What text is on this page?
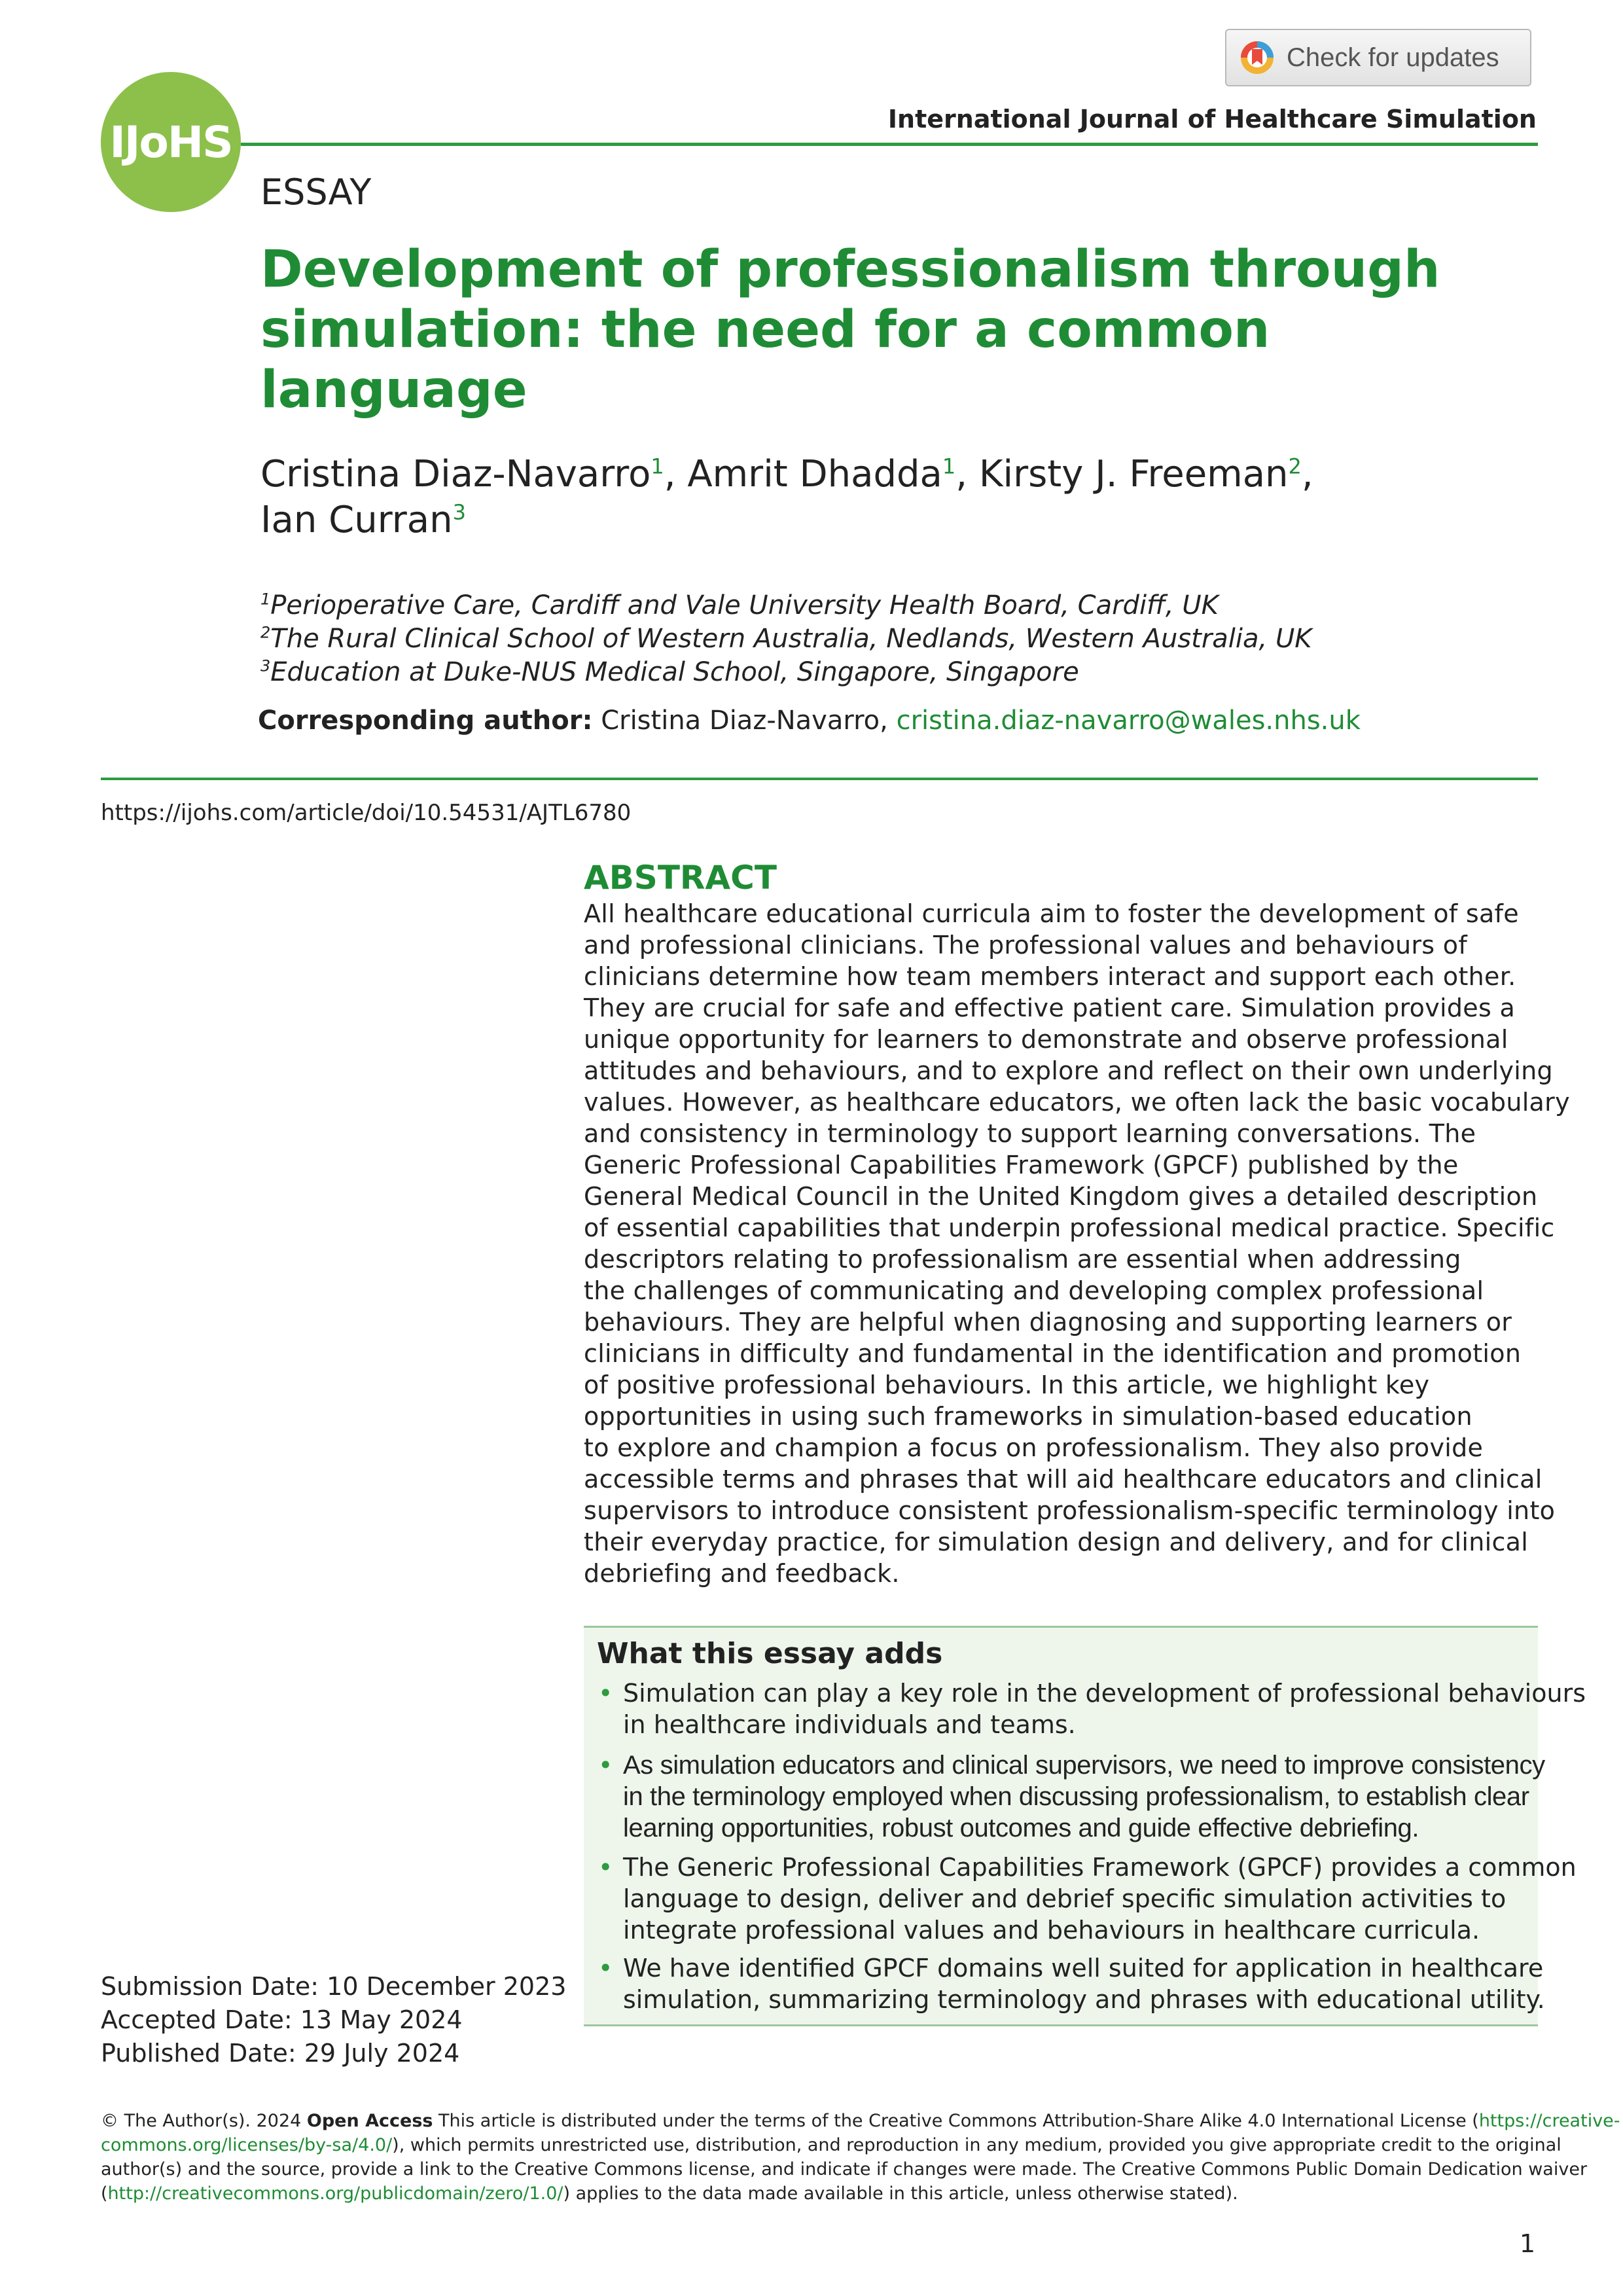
Check for updates
IJoHS	International Journal of Healthcare Simulation
ESSAY
Development of professionalism through
simulation: the need for a common
language
Cristina Diaz-Navarro$^1$, Amrit Dhadda$^1$, Kirsty J. Freeman$^2$,
Ian Curran$^3$
$^1$Perioperative Care, Cardiff and Vale University Health Board, Cardiff, UK
$^2$The Rural Clinical School of Western Australia, Nedlands, Western Australia, UK
$^3$Education at Duke-NUS Medical School, Singapore, Singapore
Corresponding author: Cristina Diaz-Navarro, cristina.diaz-navarro@wales.nhs.uk
https://ijohs.com/article/doi/10.54531/AJTL6780
ABSTRACT
All healthcare educational curricula aim to foster the development of safe
and professional clinicians. The professional values and behaviours of
clinicians determine how team members interact and support each other.
They are crucial for safe and effective patient care. Simulation provides a
unique opportunity for learners to demonstrate and observe professional
attitudes and behaviours, and to explore and reflect on their own underlying
values. However, as healthcare educators, we often lack the basic vocabulary
and consistency in terminology to support learning conversations. The
Generic Professional Capabilities Framework (GPCF) published by the
General Medical Council in the United Kingdom gives a detailed description
of essential capabilities that underpin professional medical practice. Specific
descriptors relating to professionalism are essential when addressing
the challenges of communicating and developing complex professional
behaviours. They are helpful when diagnosing and supporting learners or
clinicians in difficulty and fundamental in the identification and promotion
of positive professional behaviours. In this article, we highlight key
opportunities in using such frameworks in simulation-based education
to explore and champion a focus on professionalism. They also provide
accessible terms and phrases that will aid healthcare educators and clinical
supervisors to introduce consistent professionalism-specific terminology into
their everyday practice, for simulation design and delivery, and for clinical
debriefing and feedback.
What this essay adds
• Simulation can play a key role in the development of professional behaviours
in healthcare individuals and teams.
• As simulation educators and clinical supervisors, we need to improve consistency
in the terminology employed when discussing professionalism, to establish clear
learning opportunities, robust outcomes and guide effective debriefing.
• The Generic Professional Capabilities Framework (GPCF) provides a common
language to design, deliver and debrief specific simulation activities to
integrate professional values and behaviours in healthcare curricula.
• We have identified GPCF domains well suited for application in healthcare
simulation, summarizing terminology and phrases with educational utility.
Submission Date: 10 December 2023
Accepted Date: 13 May 2024
Published Date: 29 July 2024
© The Author(s). 2024 Open Access This article is distributed under the terms of the Creative Commons Attribution-Share Alike 4.0 International License (https://creative-
commons.org/licenses/by-sa/4.0/), which permits unrestricted use, distribution, and reproduction in any medium, provided you give appropriate credit to the original
author(s) and the source, provide a link to the Creative Commons license, and indicate if changes were made. The Creative Commons Public Domain Dedication waiver
(http://creativecommons.org/publicdomain/zero/1.0/) applies to the data made available in this article, unless otherwise stated).
1
